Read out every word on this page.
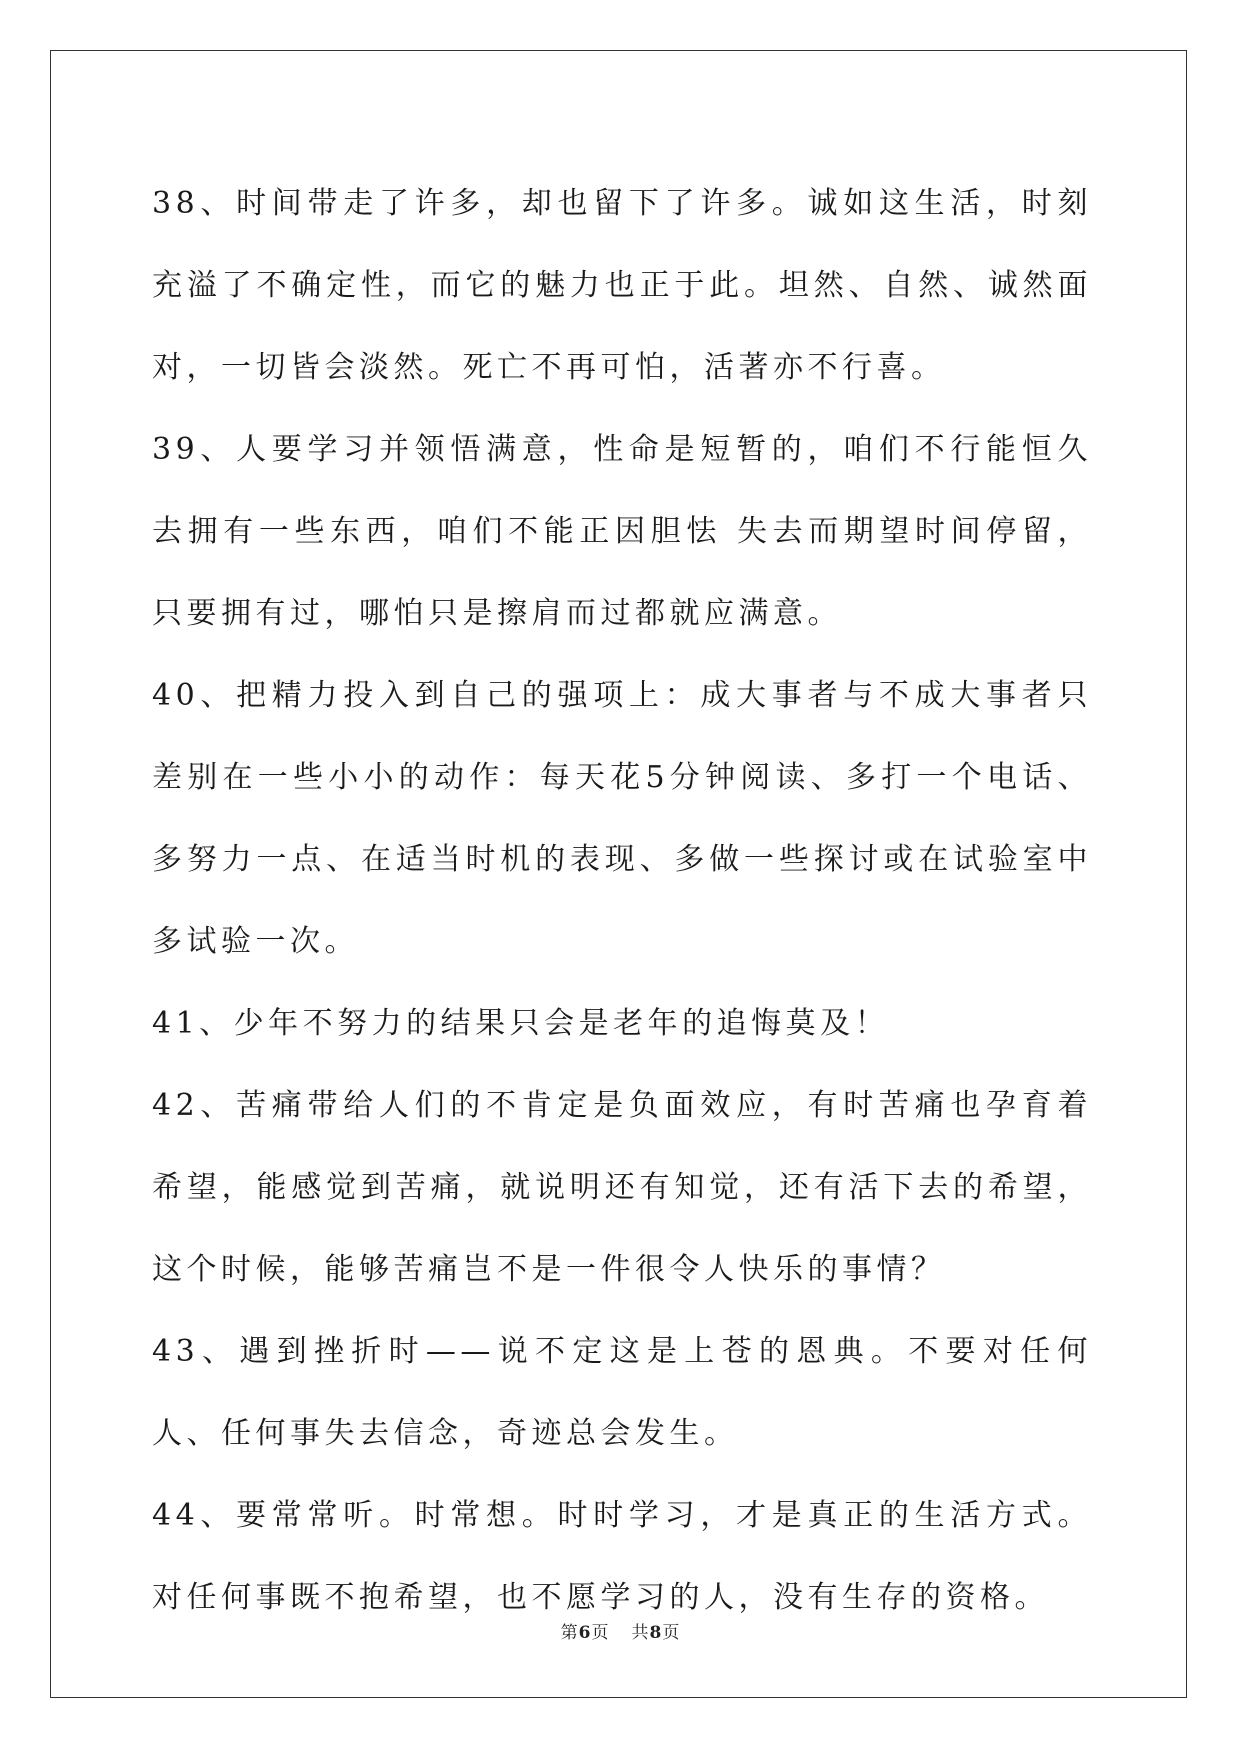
38、时间带走了许多，却也留下了许多。诚如这生活，时刻充溢了不确定性，而它的魅力也正于此。坦然、自然、诚然面对，一切皆会淡然。死亡不再可怕，活著亦不行喜。

39、人要学习并领悟满意，性命是短暂的，咱们不行能恒久去拥有一些东西，咱们不能正因胆怯 失去而期望时间停留，只要拥有过，哪怕只是擦肩而过都就应满意。

40、把精力投入到自己的强项上：成大事者与不成大事者只差别在一些小小的动作：每天花5分钟阅读、多打一个电话、多努力一点、在适当时机的表现、多做一些探讨或在试验室中多试验一次。

41、少年不努力的结果只会是老年的追悔莫及！

42、苦痛带给人们的不肯定是负面效应，有时苦痛也孕育着希望，能感觉到苦痛，就说明还有知觉，还有活下去的希望，这个时候，能够苦痛岂不是一件很令人快乐的事情？

43、遇到挫折时——说不定这是上苍的恩典。不要对任何人、任何事失去信念，奇迹总会发生。

44、要常常听。时常想。时时学习，才是真正的生活方式。对任何事既不抱希望，也不愿学习的人，没有生存的资格。

第6页 共8页
